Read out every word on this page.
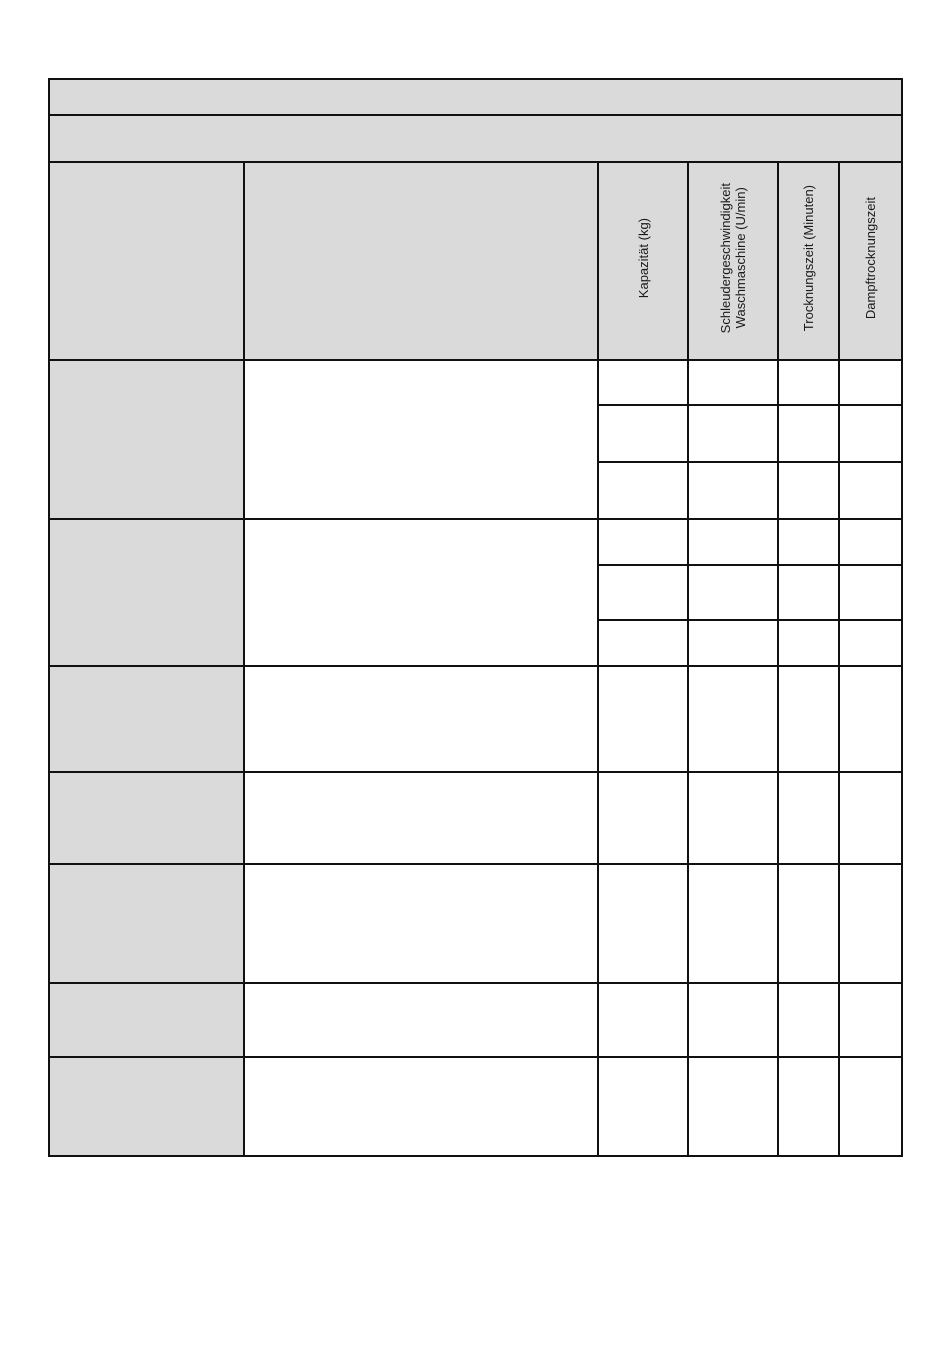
		Kapazität (kg)	Schleudergeschwindigkeit
Waschmaschine (U/min)	Trocknungszeit (Minuten)	Dampftrocknungszeit
